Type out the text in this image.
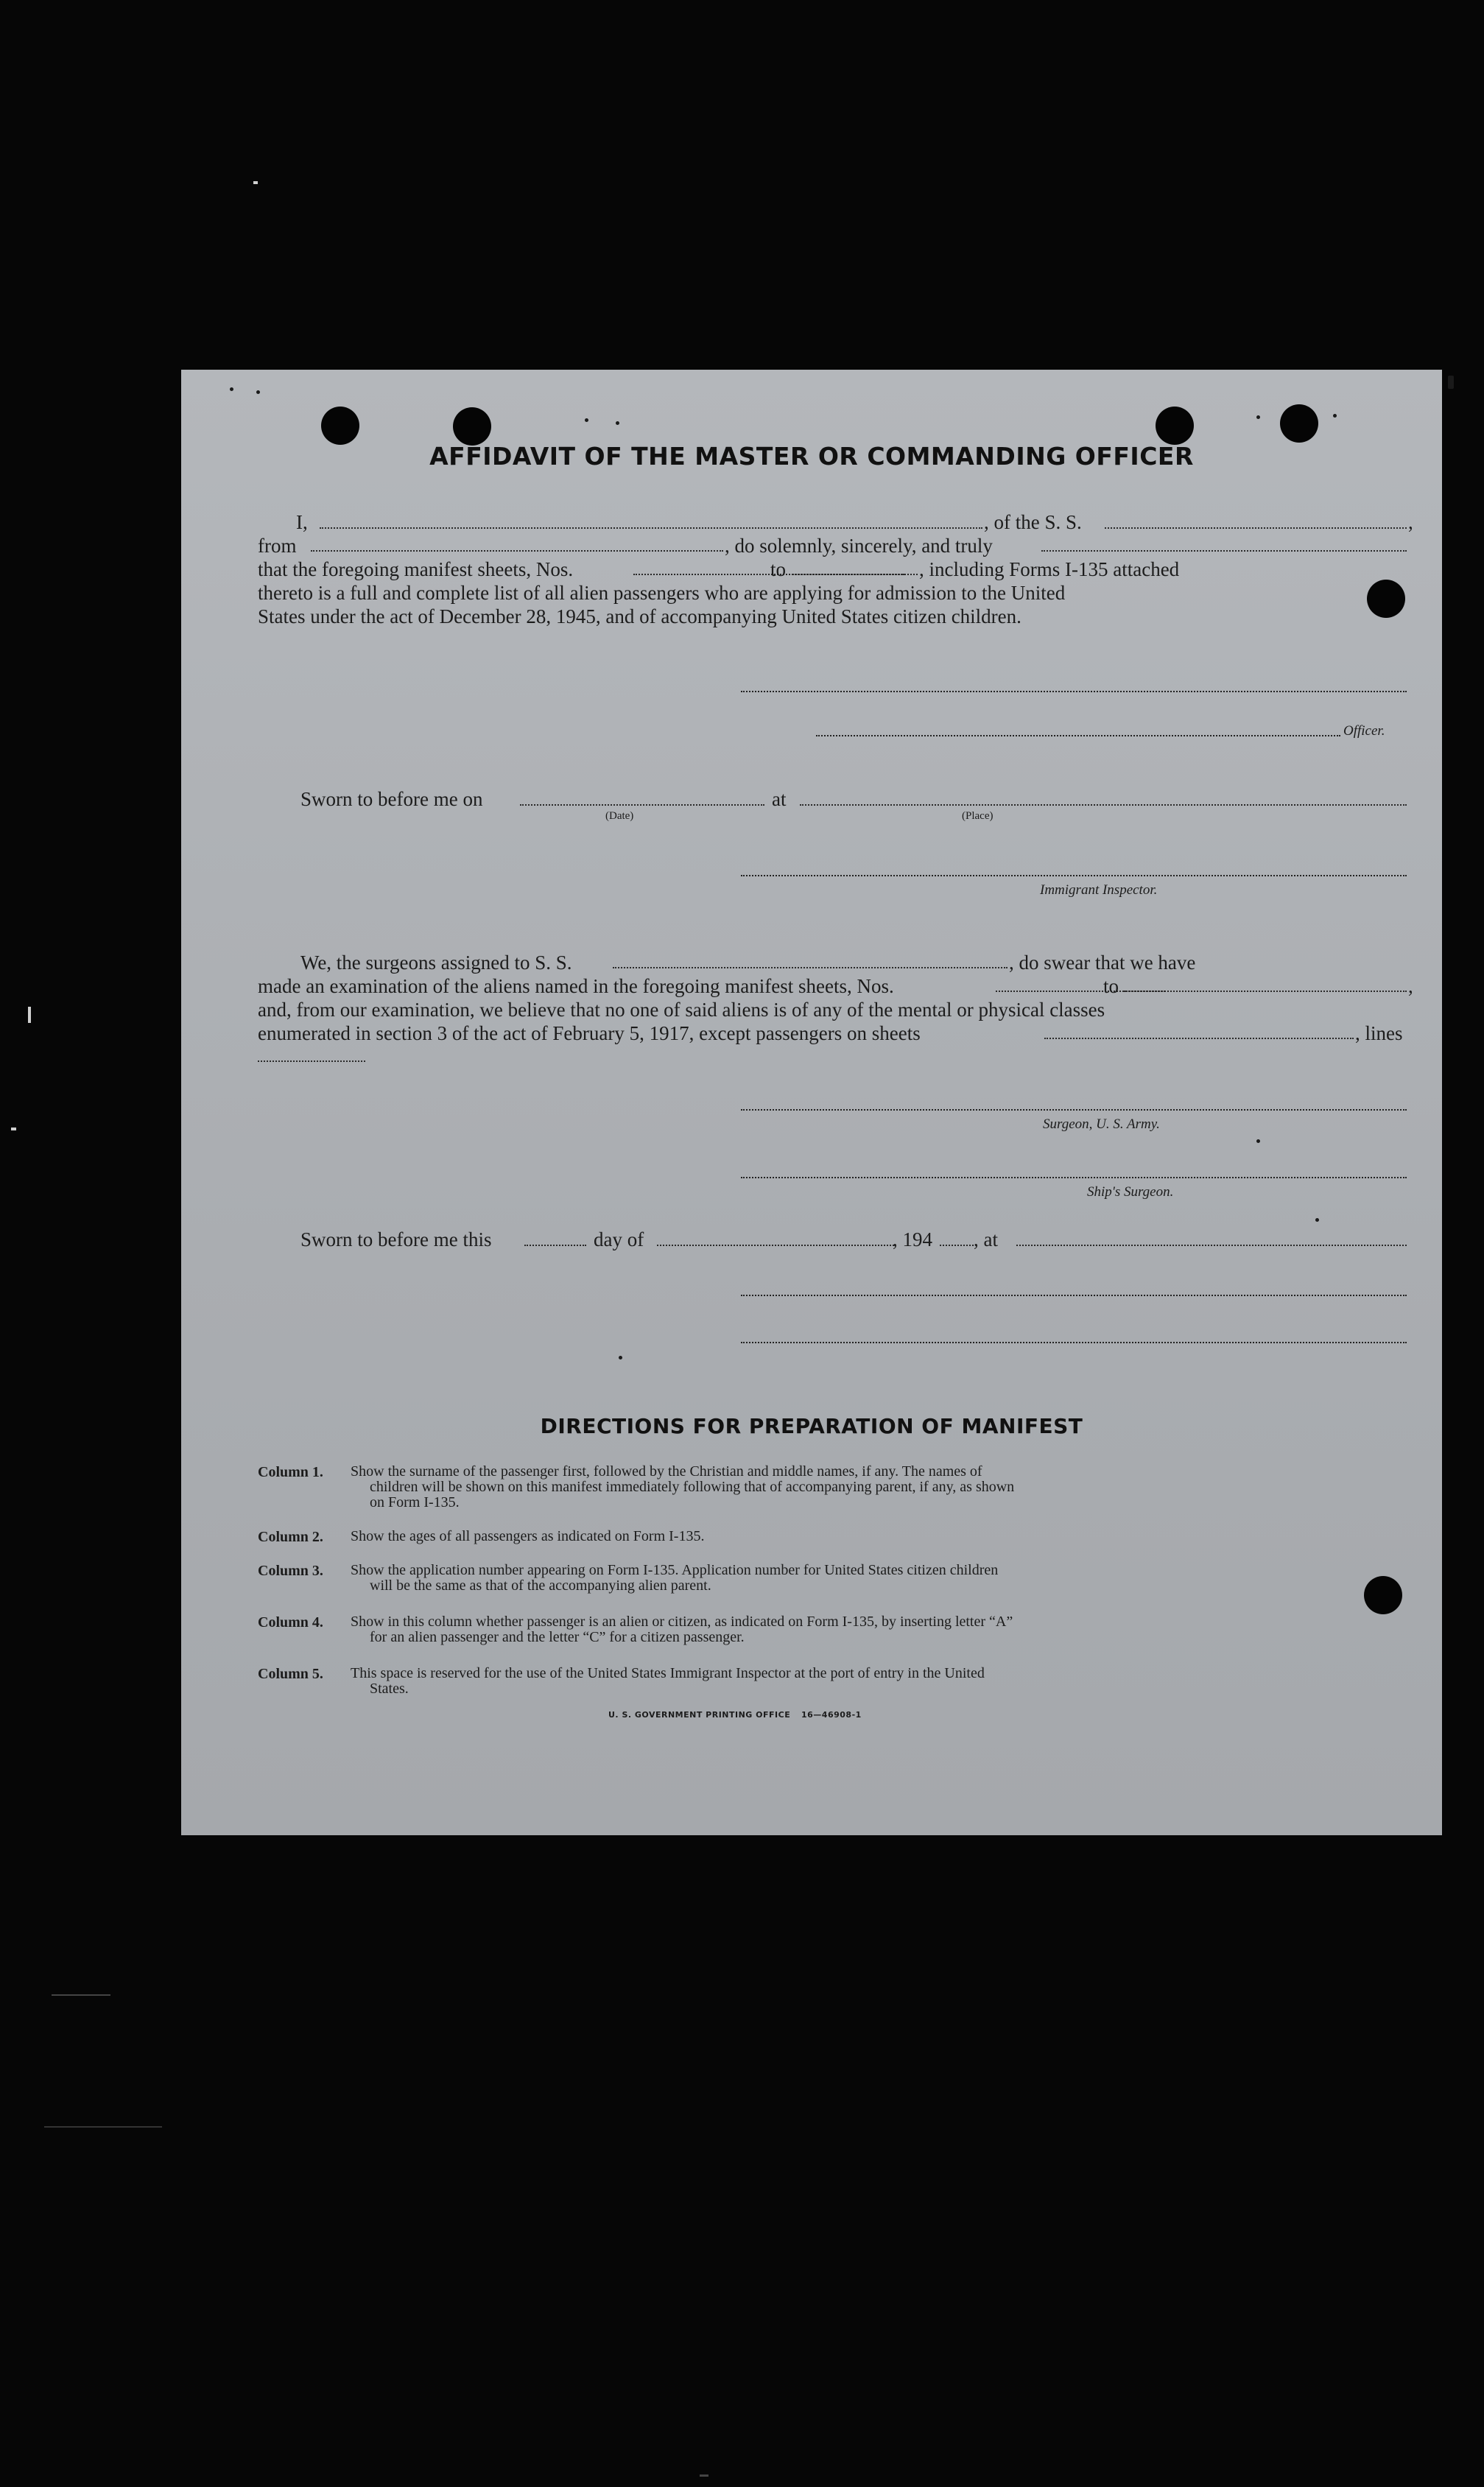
AFFIDAVIT OF THE MASTER OR COMMANDING OFFICER
I,	, of the S. S.	,
from	, do solemnly, sincerely, and truly
that the foregoing manifest sheets, Nos.	to	, including Forms I-135 attached
thereto is a full and complete list of all alien passengers who are applying for admission to the United
States under the act of December 28, 1945, and of accompanying United States citizen children.
Officer.
Sworn to before me on
(Date)
at
(Place)
Immigrant Inspector.
We, the surgeons assigned to S. S.	, do swear that we have
made an examination of the aliens named in the foregoing manifest sheets, Nos.	to	,
and, from our examination, we believe that no one of said aliens is of any of the mental or physical classes
enumerated in section 3 of the act of February 5, 1917, except passengers on sheets	, lines
Surgeon, U. S. Army.
Ship's Surgeon.
Sworn to before me this	day of	, 194 , at
DIRECTIONS FOR PREPARATION OF MANIFEST
Column 1. Show the surname of the passenger first, followed by the Christian and middle names, if any. The names of
children will be shown on this manifest immediately following that of accompanying parent, if any, as shown
on Form I-135.
Column 2. Show the ages of all passengers as indicated on Form I-135.
Column 3. Show the application number appearing on Form I-135. Application number for United States citizen children
will be the same as that of the accompanying alien parent.
Column 4. Show in this column whether passenger is an alien or citizen, as indicated on Form I-135, by inserting letter “A”
for an alien passenger and the letter “C” for a citizen passenger.
Column 5. This space is reserved for the use of the United States Immigrant Inspector at the port of entry in the United
States.
U. S. GOVERNMENT PRINTING OFFICE 16—46908-1
